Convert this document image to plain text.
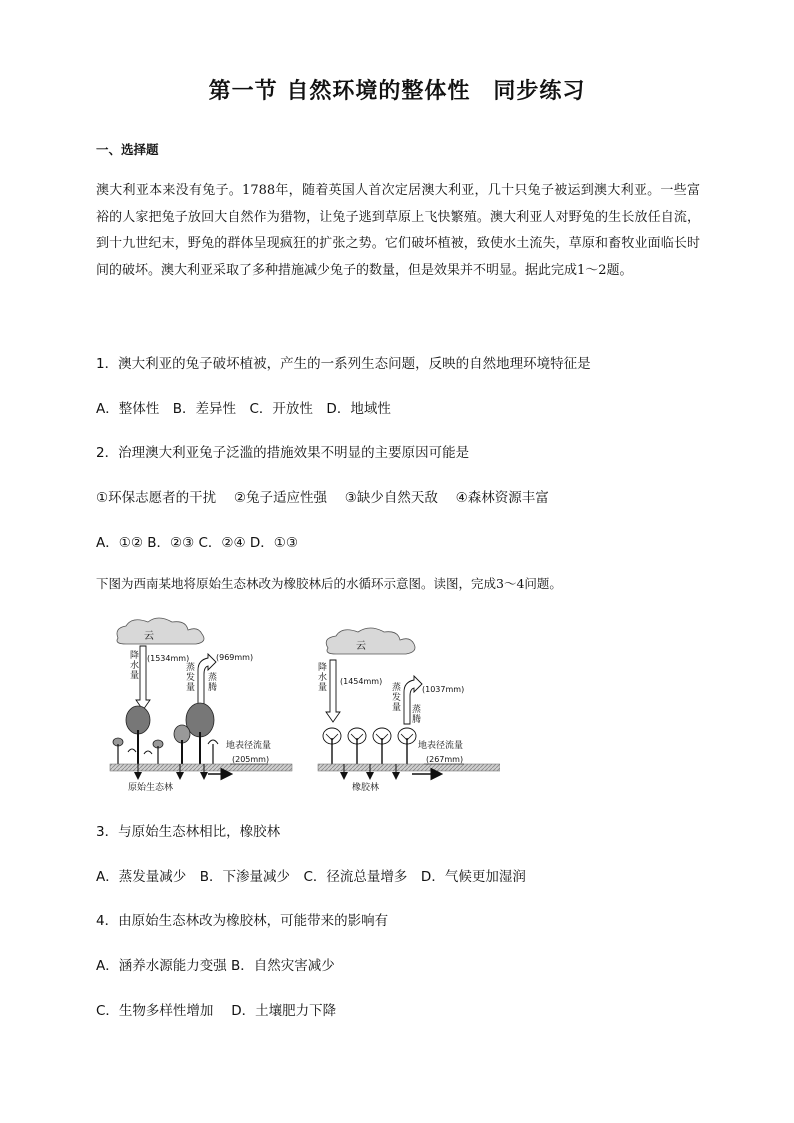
第一节 自然环境的整体性　同步练习
一、选择题
澳大利亚本来没有兔子。1788年，随着英国人首次定居澳大利亚，几十只兔子被运到澳大利亚。一些富裕的人家把兔子放回大自然作为猎物，让兔子逃到草原上飞快繁殖。澳大利亚人对野兔的生长放任自流，到十九世纪末，野兔的群体呈现疯狂的扩张之势。它们破坏植被，致使水土流失，草原和畜牧业面临长时间的破坏。澳大利亚采取了多种措施减少兔子的数量，但是效果并不明显。据此完成1～2题。
1．澳大利亚的兔子破坏植被，产生的一系列生态问题，反映的自然地理环境特征是
A．整体性　B．差异性　C．开放性　D．地域性
2．治理澳大利亚兔子泛滥的措施效果不明显的主要原因可能是
①环保志愿者的干扰　 ②兔子适应性强　 ③缺少自然天敌　 ④森林资源丰富
A．①② B．②③ C．②④ D．①③
下图为西南某地将原始生态林改为橡胶林后的水循环示意图。读图，完成3～4问题。
云
降
水
量
(1534mm)
蒸
发
量
蒸
腾
(969mm)
地表径流量
(205mm)
原始生态林
云
降
水
量
(1454mm)
蒸
发
量 蒸
腾
(1037mm)
地表径流量
(267mm)
橡胶林
3．与原始生态林相比，橡胶林
A．蒸发量减少　B．下渗量减少　C．径流总量增多　D．气候更加湿润
4．由原始生态林改为橡胶林，可能带来的影响有
A．涵养水源能力变强 B．自然灾害减少
C．生物多样性增加　 D．土壤肥力下降
